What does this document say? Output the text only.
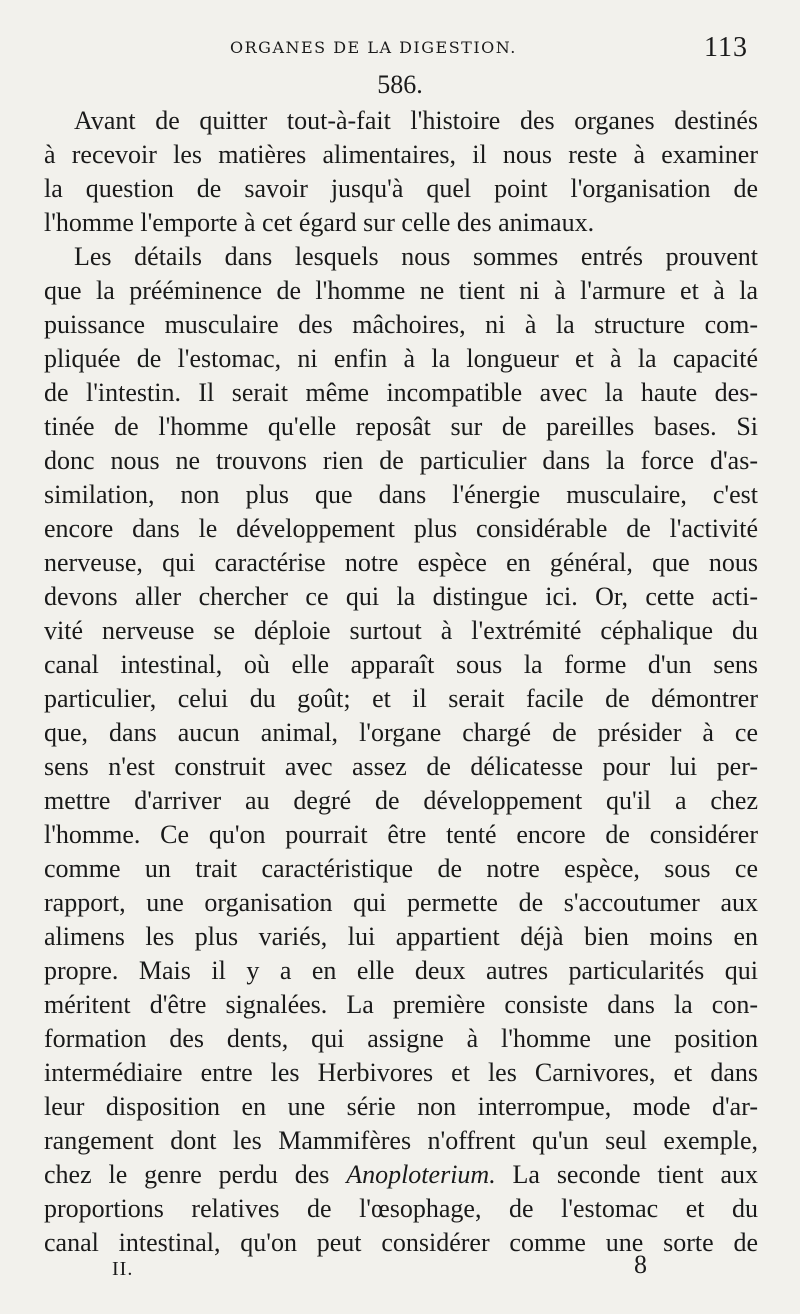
ORGANES DE LA DIGESTION.	113
586.
Avant de quitter tout-à-fait l'histoire des organes destinés
à recevoir les matières alimentaires, il nous reste à examiner
la question de savoir jusqu'à quel point l'organisation de
l'homme l'emporte à cet égard sur celle des animaux.
Les détails dans lesquels nous sommes entrés prouvent
que la prééminence de l'homme ne tient ni à l'armure et à la
puissance musculaire des mâchoires, ni à la structure com-
pliquée de l'estomac, ni enfin à la longueur et à la capacité
de l'intestin. Il serait même incompatible avec la haute des-
tinée de l'homme qu'elle reposât sur de pareilles bases. Si
donc nous ne trouvons rien de particulier dans la force d'as-
similation, non plus que dans l'énergie musculaire, c'est
encore dans le développement plus considérable de l'activité
nerveuse, qui caractérise notre espèce en général, que nous
devons aller chercher ce qui la distingue ici. Or, cette acti-
vité nerveuse se déploie surtout à l'extrémité céphalique du
canal intestinal, où elle apparaît sous la forme d'un sens
particulier, celui du goût; et il serait facile de démontrer
que, dans aucun animal, l'organe chargé de présider à ce
sens n'est construit avec assez de délicatesse pour lui per-
mettre d'arriver au degré de développement qu'il a chez
l'homme. Ce qu'on pourrait être tenté encore de considérer
comme un trait caractéristique de notre espèce, sous ce
rapport, une organisation qui permette de s'accoutumer aux
alimens les plus variés, lui appartient déjà bien moins en
propre. Mais il y a en elle deux autres particularités qui
méritent d'être signalées. La première consiste dans la con-
formation des dents, qui assigne à l'homme une position
intermédiaire entre les Herbivores et les Carnivores, et dans
leur disposition en une série non interrompue, mode d'ar-
rangement dont les Mammifères n'offrent qu'un seul exemple,
chez le genre perdu des Anoploterium. La seconde tient aux
proportions relatives de l'œsophage, de l'estomac et du
canal intestinal, qu'on peut considérer comme une sorte de
II.	8
